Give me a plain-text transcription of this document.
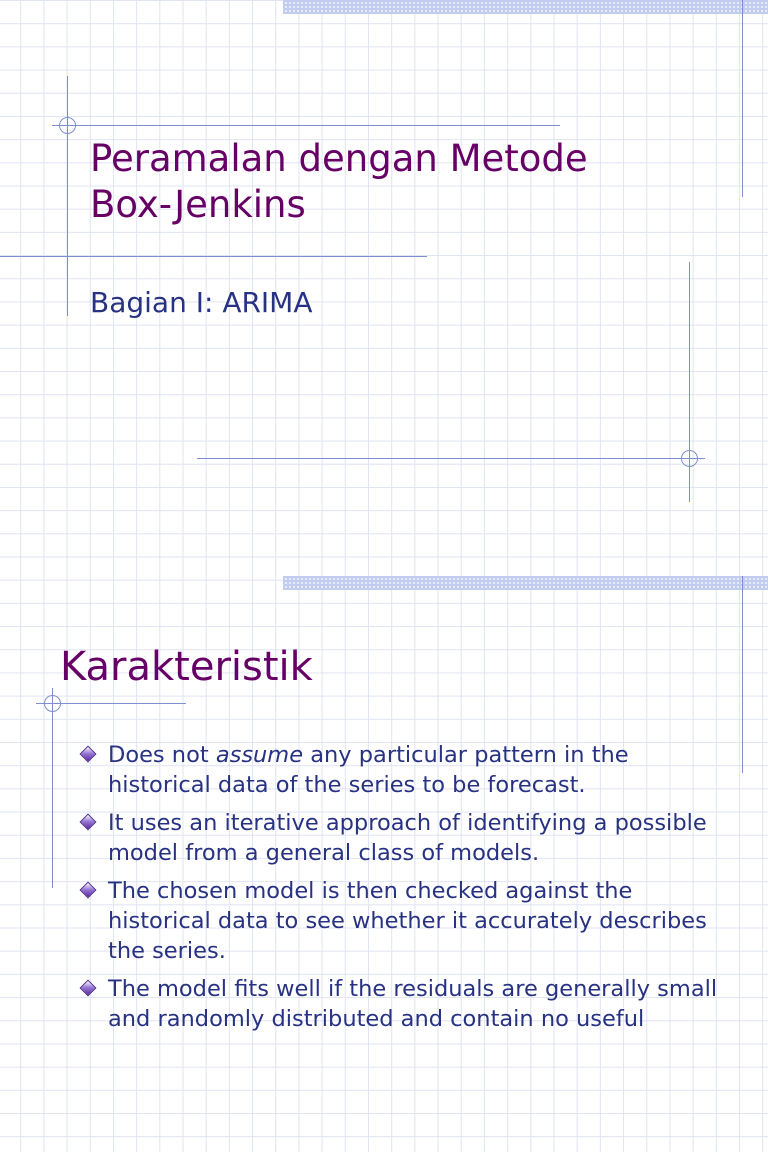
Peramalan dengan Metode
Box-Jenkins
Bagian I: ARIMA
Karakteristik
Does not assume any particular pattern in the historical data of the series to be forecast.
It uses an iterative approach of identifying a possible model from a general class of models.
The chosen model is then checked against the historical data to see whether it accurately describes the series.
The model fits well if the residuals are generally small and randomly distributed and contain no useful
